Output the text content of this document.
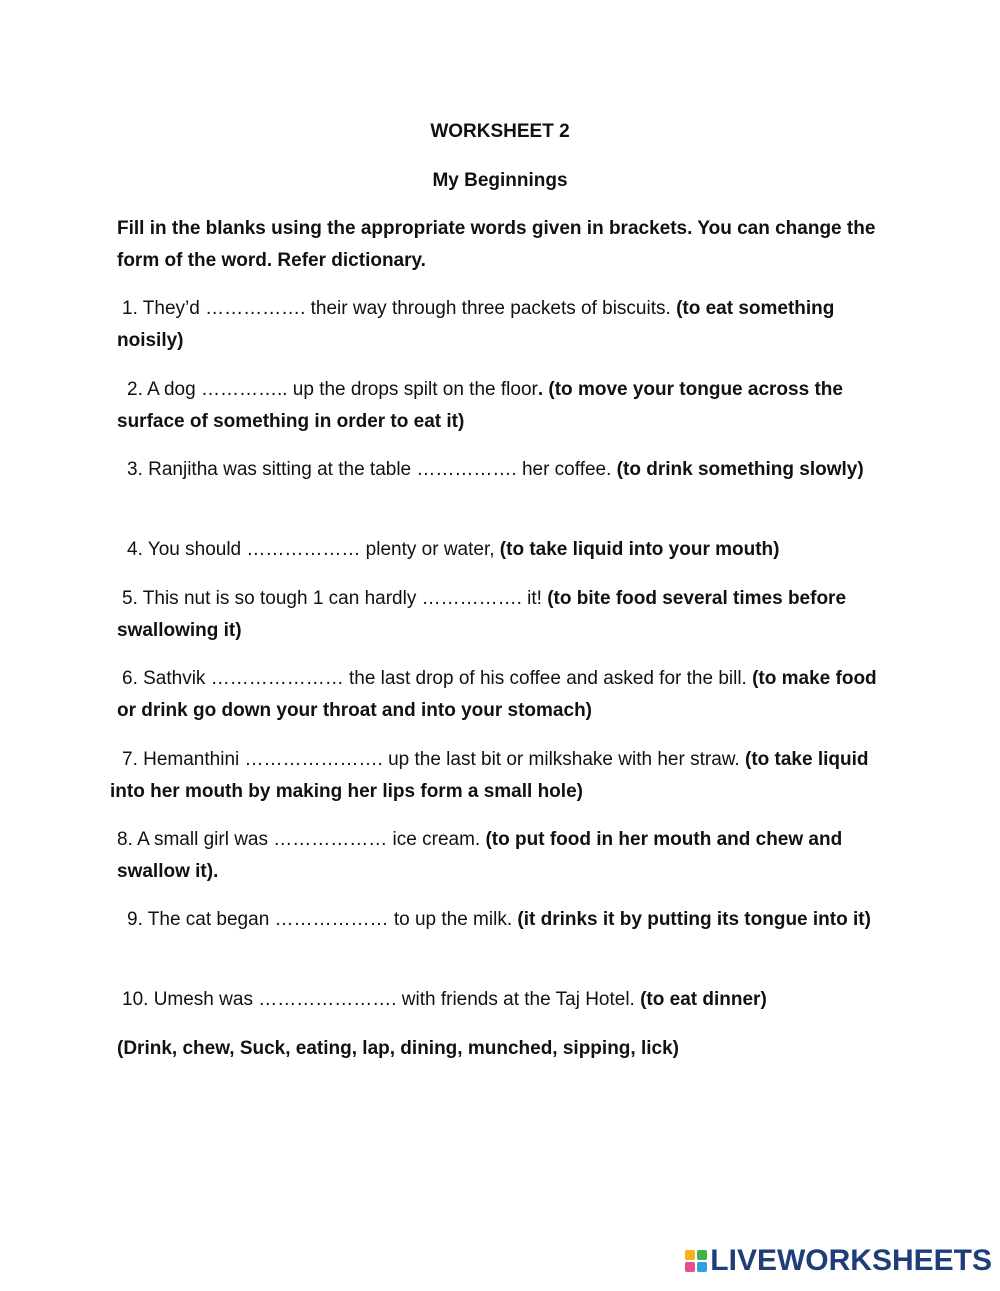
WORKSHEET 2
My Beginnings
Fill in the blanks using the appropriate words given in brackets. You can change the form of the word. Refer dictionary.
1. They’d ……………. their way through three packets of biscuits. (to eat something noisily)
2. A dog ………….. up the drops spilt on the floor. (to move your tongue across the surface of something in order to eat it)
3. Ranjitha was sitting at the table ……………. her coffee. (to drink something slowly)
4. You should ……………… plenty or water, (to take liquid into your mouth)
5. This nut is so tough 1 can hardly ……………. it! (to bite food several times before swallowing it)
6. Sathvik ………………… the last drop of his coffee and asked for the bill. (to make food or drink go down your throat and into your stomach)
7. Hemanthini …………………. up the last bit or milkshake with her straw. (to take liquid into her mouth by making her lips form a small hole)
8. A small girl was ……………… ice cream. (to put food in her mouth and chew and swallow it).
9. The cat began ……………… to up the milk. (it drinks it by putting its tongue into it)
10. Umesh was …………………. with friends at the Taj Hotel. (to eat dinner)
(Drink, chew, Suck, eating, lap, dining, munched, sipping, lick)
LIVEWORKSHEETS
